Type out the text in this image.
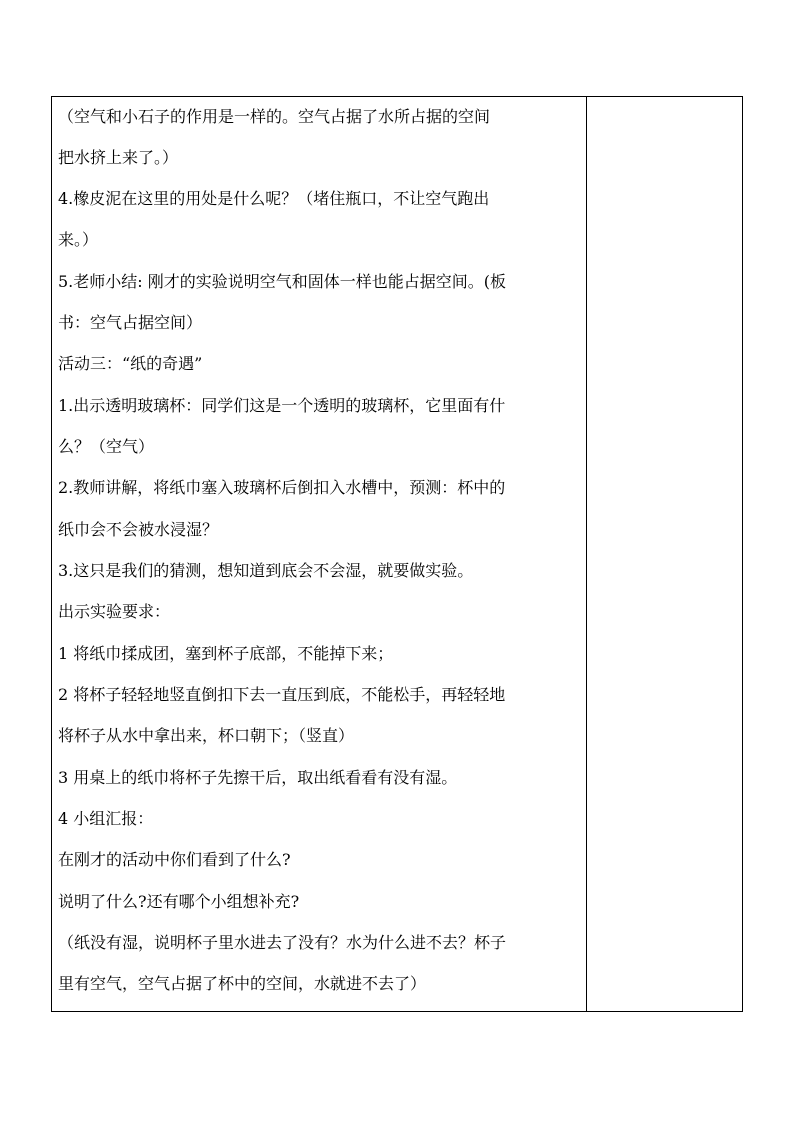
（空气和小石子的作用是一样的。空气占据了水所占据的空间
把水挤上来了。）
4.橡皮泥在这里的用处是什么呢？（堵住瓶口，不让空气跑出
来。）
5.老师小结: 刚才的实验说明空气和固体一样也能占据空间。(板
书：空气占据空间）
活动三：“纸的奇遇”
1.出示透明玻璃杯：同学们这是一个透明的玻璃杯，它里面有什
么？（空气）
2.教师讲解，将纸巾塞入玻璃杯后倒扣入水槽中，预测：杯中的
纸巾会不会被水浸湿？
3.这只是我们的猜测，想知道到底会不会湿，就要做实验。
出示实验要求：
1 将纸巾揉成团，塞到杯子底部，不能掉下来；
2 将杯子轻轻地竖直倒扣下去一直压到底，不能松手，再轻轻地
将杯子从水中拿出来，杯口朝下；（竖直）
3 用桌上的纸巾将杯子先擦干后，取出纸看看有没有湿。
4 小组汇报：
在刚才的活动中你们看到了什么?
说明了什么?还有哪个小组想补充?
（纸没有湿，说明杯子里水进去了没有？水为什么进不去？杯子
里有空气，空气占据了杯中的空间，水就进不去了）
